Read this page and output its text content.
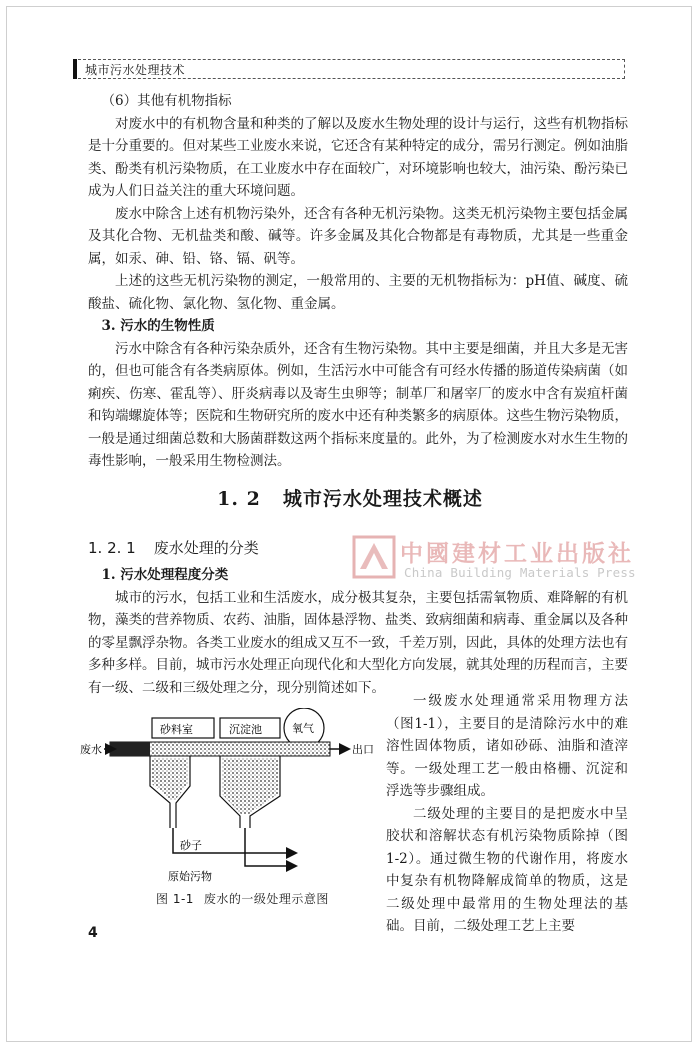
城市污水处理技术
（6）其他有机物指标

对废水中的有机物含量和种类的了解以及废水生物处理的设计与运行，这些有机物指标是十分重要的。但对某些工业废水来说，它还含有某种特定的成分，需另行测定。例如油脂类、酚类有机污染物质，在工业废水中存在面较广，对环境影响也较大，油污染、酚污染已成为人们日益关注的重大环境问题。

废水中除含上述有机物污染外，还含有各种无机污染物。这类无机污染物主要包括金属及其化合物、无机盐类和酸、碱等。许多金属及其化合物都是有毒物质，尤其是一些重金属，如汞、砷、铅、铬、镉、矾等。

上述的这些无机污染物的测定，一般常用的、主要的无机物指标为：pH值、碱度、硫酸盐、硫化物、氯化物、氢化物、重金属。

3. 污水的生物性质

污水中除含有各种污染杂质外，还含有生物污染物。其中主要是细菌，并且大多是无害的，但也可能含有各类病原体。例如，生活污水中可能含有可经水传播的肠道传染病菌（如痢疾、伤寒、霍乱等）、肝炎病毒以及寄生虫卵等；制革厂和屠宰厂的废水中含有炭疽杆菌和钩端螺旋体等；医院和生物研究所的废水中还有种类繁多的病原体。这些生物污染物质，一般是通过细菌总数和大肠菌群数这两个指标来度量的。此外，为了检测废水对水生生物的毒性影响，一般采用生物检测法。

1. 2 城市污水处理技术概述
1. 2. 1 废水处理的分类	中國建材工业出版社
China Building Materials Press
1. 污水处理程度分类

城市的污水，包括工业和生活废水，成分极其复杂，主要包括需氧物质、难降解的有机物，藻类的营养物质、农药、油脂，固体悬浮物、盐类、致病细菌和病毒、重金属以及各种的零星飘浮杂物。各类工业废水的组成又互不一致，千差万别，因此，具体的处理方法也有多种多样。目前，城市污水处理正向现代化和大型化方向发展，就其处理的历程而言，主要有一级、二级和三级处理之分，现分别简述如下。

砂料室	沉淀池	氧气
废水	出口
砂子
原始污物
图 1-1 废水的一级处理示意图

一级废水处理通常采用物理方法（图1-1），主要目的是清除污水中的难溶性固体物质，诸如砂砾、油脂和渣滓等。一级处理工艺一般由格栅、沉淀和浮选等步骤组成。

二级处理的主要目的是把废水中呈胶状和溶解状态有机污染物质除掉（图1-2）。通过微生物的代谢作用，将废水中复杂有机物降解成简单的物质，这是二级处理中最常用的生物处理法的基础。目前，二级处理工艺上主要

4
